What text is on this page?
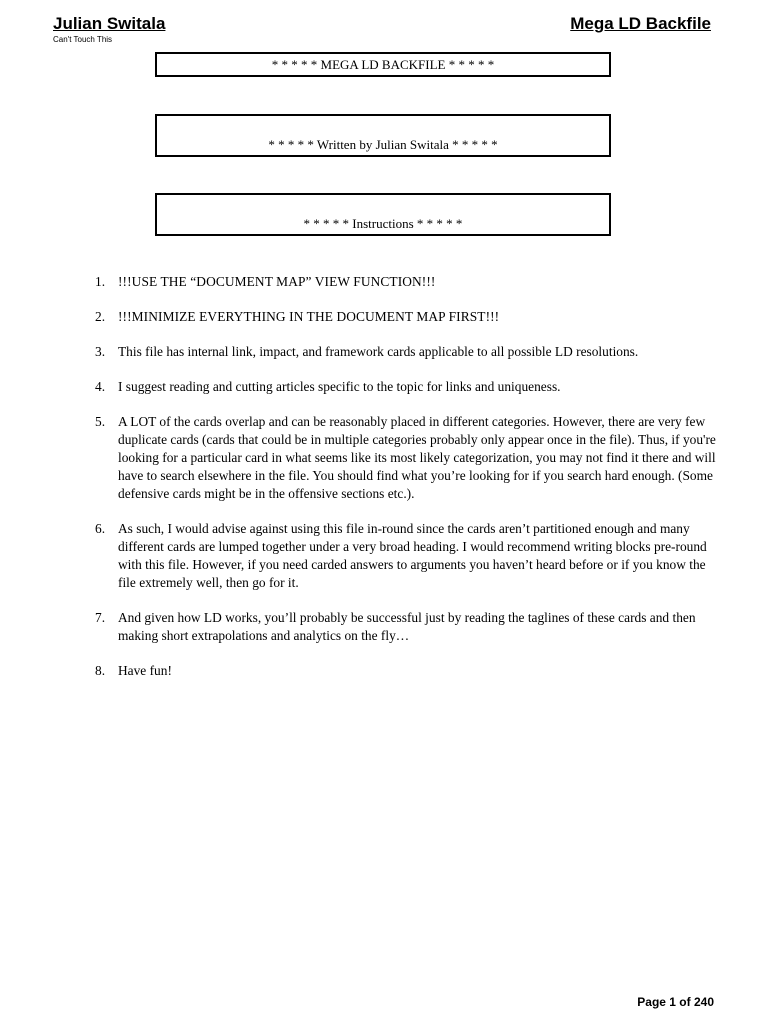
Julian Switala
Can't Touch This
Mega LD Backfile
* * * * * MEGA LD BACKFILE * * * * *
* * * * * Written by Julian Switala * * * * *
* * * * * Instructions * * * * *
1. !!!USE THE “DOCUMENT MAP” VIEW FUNCTION!!!
2. !!!MINIMIZE EVERYTHING IN THE DOCUMENT MAP FIRST!!!
3. This file has internal link, impact, and framework cards applicable to all possible LD resolutions.
4. I suggest reading and cutting articles specific to the topic for links and uniqueness.
5. A LOT of the cards overlap and can be reasonably placed in different categories. However, there are very few duplicate cards (cards that could be in multiple categories probably only appear once in the file). Thus, if you're looking for a particular card in what seems like its most likely categorization, you may not find it there and will have to search elsewhere in the file. You should find what you’re looking for if you search hard enough. (Some defensive cards might be in the offensive sections etc.).
6. As such, I would advise against using this file in-round since the cards aren’t partitioned enough and many different cards are lumped together under a very broad heading. I would recommend writing blocks pre-round with this file. However, if you need carded answers to arguments you haven’t heard before or if you know the file extremely well, then go for it.
7. And given how LD works, you’ll probably be successful just by reading the taglines of these cards and then making short extrapolations and analytics on the fly…
8. Have fun!
Page 1 of 240
